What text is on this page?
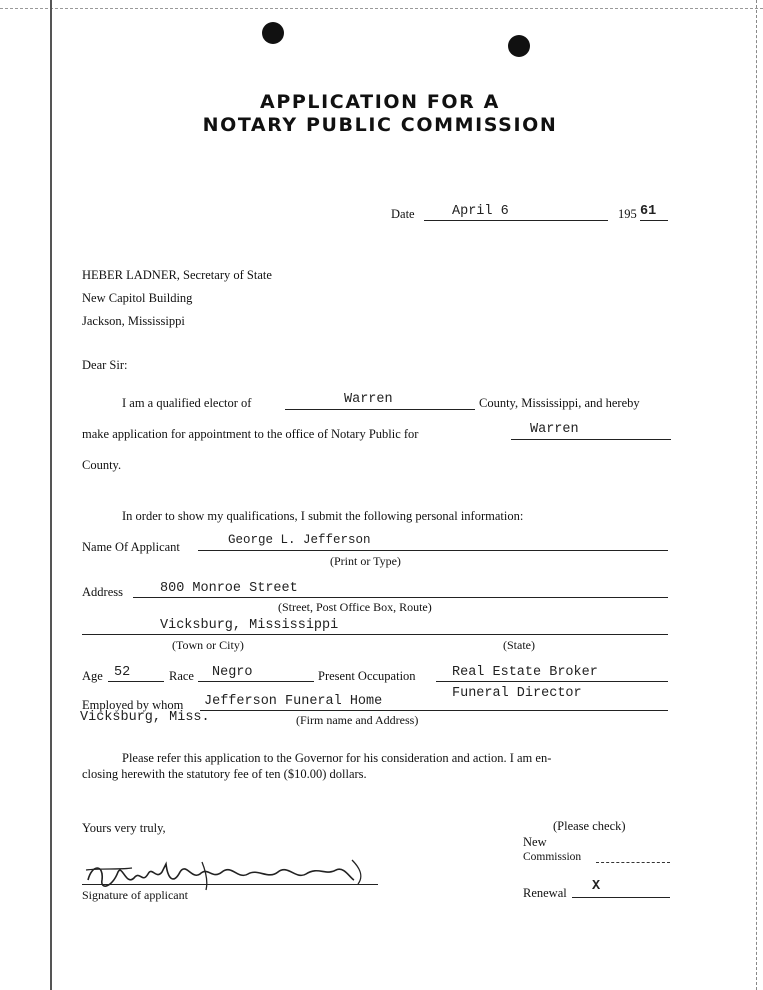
APPLICATION FOR A
NOTARY PUBLIC COMMISSION
Date	April 6	195 61
HEBER LADNER, Secretary of State
New Capitol Building
Jackson, Mississippi
Dear Sir:
I am a qualified elector of	Warren	County, Mississippi, and hereby
make application for appointment to the office of Notary Public for	Warren
County.
In order to show my qualifications, I submit the following personal information:
Name Of Applicant	George L. Jefferson
(Print or Type)
Address	800 Monroe Street
(Street, Post Office Box, Route)
Vicksburg, Mississippi
(Town or City)	(State)
Age 52	Race Negro	Present Occupation	Real Estate Broker
Funeral Director
Employed by whom Jefferson Funeral Home
Vicksburg, Miss.	(Firm name and Address)
Please refer this application to the Governor for his consideration and action. I am en-
closing herewith the statutory fee of ten ($10.00) dollars.
Yours very truly,
Signature of applicant
(Please check)
New
Commission
Renewal X
